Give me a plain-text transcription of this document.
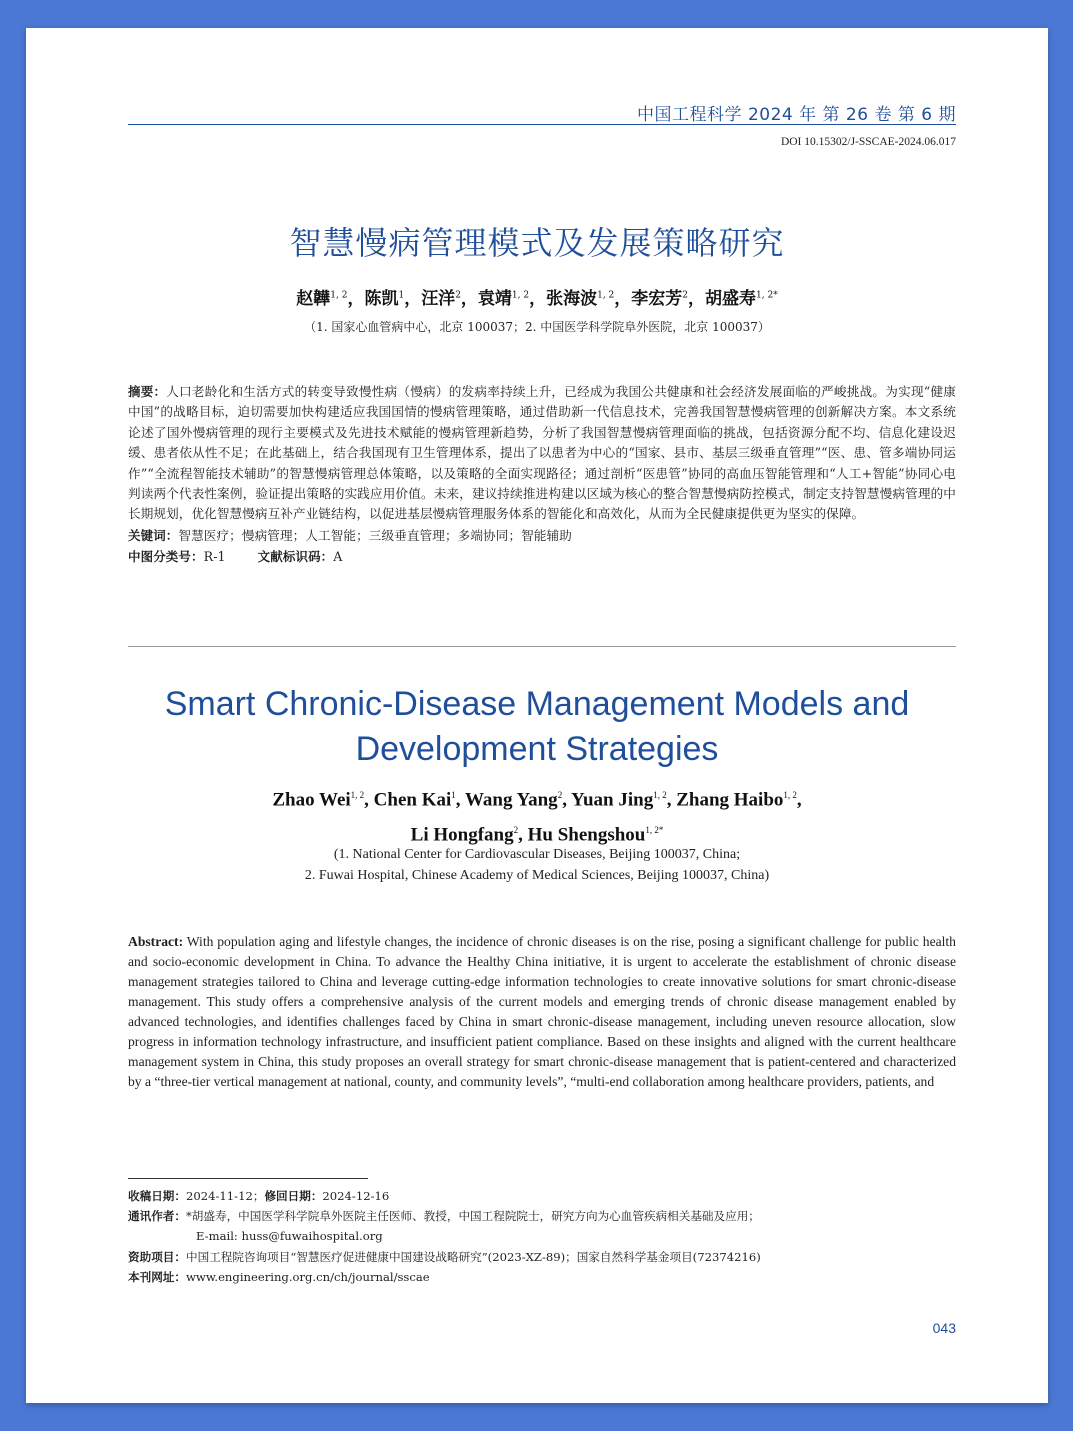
中国工程科学 2024 年 第 26 卷 第 6 期
DOI 10.15302/J-SSCAE-2024.06.017
智慧慢病管理模式及发展策略研究
赵韡$^{1, 2}$，陈凯$^1$，汪洋$^2$，袁靖$^{1, 2}$，张海波$^{1, 2}$，李宏芳$^2$，胡盛寿$^{1, 2*}$
（1. 国家心血管病中心，北京 100037；2. 中国医学科学院阜外医院，北京 100037）
摘要：人口老龄化和生活方式的转变导致慢性病（慢病）的发病率持续上升，已经成为我国公共健康和社会经济发展面临的严峻挑战。为实现“健康中国”的战略目标，迫切需要加快构建适应我国国情的慢病管理策略，通过借助新一代信息技术，完善我国智慧慢病管理的创新解决方案。本文系统论述了国外慢病管理的现行主要模式及先进技术赋能的慢病管理新趋势，分析了我国智慧慢病管理面临的挑战，包括资源分配不均、信息化建设迟缓、患者依从性不足；在此基础上，结合我国现有卫生管理体系，提出了以患者为中心的“国家、县市、基层三级垂直管理”“医、患、管多端协同运作”“全流程智能技术辅助”的智慧慢病管理总体策略，以及策略的全面实现路径；通过剖析“医患管”协同的高血压智能管理和“人工+智能”协同心电判读两个代表性案例，验证提出策略的实践应用价值。未来，建议持续推进构建以区域为核心的整合智慧慢病防控模式，制定支持智慧慢病管理的中长期规划，优化智慧慢病互补产业链结构，以促进基层慢病管理服务体系的智能化和高效化，从而为全民健康提供更为坚实的保障。
关键词：智慧医疗；慢病管理；人工智能；三级垂直管理；多端协同；智能辅助
中图分类号：R-1	文献标识码：A
Smart Chronic-Disease Management Models and
Development Strategies
Zhao Wei$^{1, 2}$, Chen Kai$^1$, Wang Yang$^2$, Yuan Jing$^{1, 2}$, Zhang Haibo$^{1, 2}$,
Li Hongfang$^2$, Hu Shengshou$^{1, 2*}$
(1. National Center for Cardiovascular Diseases, Beijing 100037, China;
2. Fuwai Hospital, Chinese Academy of Medical Sciences, Beijing 100037, China)
Abstract: With population aging and lifestyle changes, the incidence of chronic diseases is on the rise, posing a significant challenge for public health and socio-economic development in China. To advance the Healthy China initiative, it is urgent to accelerate the establishment of chronic disease management strategies tailored to China and leverage cutting-edge information technologies to create innovative solutions for smart chronic-disease management. This study offers a comprehensive analysis of the current models and emerging trends of chronic disease management enabled by advanced technologies, and identifies challenges faced by China in smart chronic-disease management, including uneven resource allocation, slow progress in information technology infrastructure, and insufficient patient compliance. Based on these insights and aligned with the current healthcare management system in China, this study proposes an overall strategy for smart chronic-disease management that is patient-centered and characterized by a “three-tier vertical management at national, county, and community levels”, “multi-end collaboration among healthcare providers, patients, and
收稿日期：2024-11-12；修回日期：2024-12-16
通讯作者：*胡盛寿，中国医学科学院阜外医院主任医师、教授，中国工程院院士，研究方向为心血管疾病相关基础及应用；
E-mail: huss@fuwaihospital.org
资助项目：中国工程院咨询项目“智慧医疗促进健康中国建设战略研究”(2023-XZ-89)；国家自然科学基金项目(72374216)
本刊网址：www.engineering.org.cn/ch/journal/sscae
043
